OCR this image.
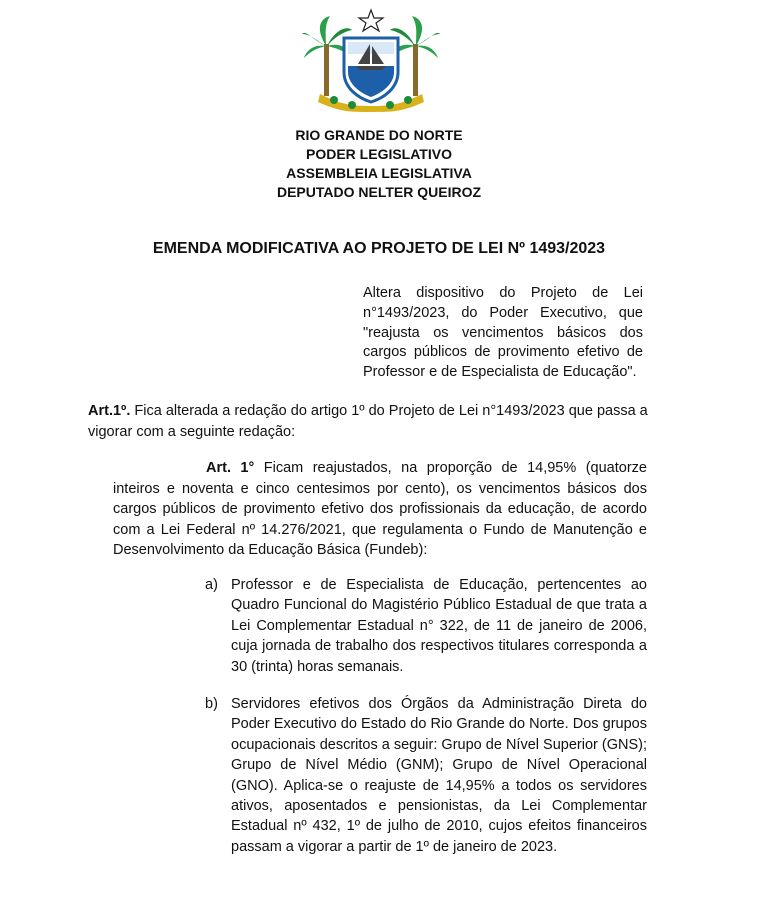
RIO GRANDE DO NORTE
PODER LEGISLATIVO
ASSEMBLEIA LEGISLATIVA
DEPUTADO NELTER QUEIROZ
EMENDA MODIFICATIVA AO PROJETO DE LEI Nº 1493/2023
Altera dispositivo do Projeto de Lei n°1493/2023, do Poder Executivo, que "reajusta os vencimentos básicos dos cargos públicos de provimento efetivo de Professor e de Especialista de Educação".
Art.1º. Fica alterada a redação do artigo 1º do Projeto de Lei n°1493/2023 que passa a vigorar com a seguinte redação:
Art. 1° Ficam reajustados, na proporção de 14,95% (quatorze inteiros e noventa e cinco centesimos por cento), os vencimentos básicos dos cargos públicos de provimento efetivo dos profissionais da educação, de acordo com a Lei Federal nº 14.276/2021, que regulamenta o Fundo de Manutenção e Desenvolvimento da Educação Básica (Fundeb):
a) Professor e de Especialista de Educação, pertencentes ao Quadro Funcional do Magistério Público Estadual de que trata a Lei Complementar Estadual n° 322, de 11 de janeiro de 2006, cuja jornada de trabalho dos respectivos titulares corresponda a 30 (trinta) horas semanais.
b) Servidores efetivos dos Órgãos da Administração Direta do Poder Executivo do Estado do Rio Grande do Norte. Dos grupos ocupacionais descritos a seguir: Grupo de Nível Superior (GNS); Grupo de Nível Médio (GNM); Grupo de Nível Operacional (GNO). Aplica-se o reajuste de 14,95% a todos os servidores ativos, aposentados e pensionistas, da Lei Complementar Estadual nº 432, 1º de julho de 2010, cujos efeitos financeiros passam a vigorar a partir de 1º de janeiro de 2023.
